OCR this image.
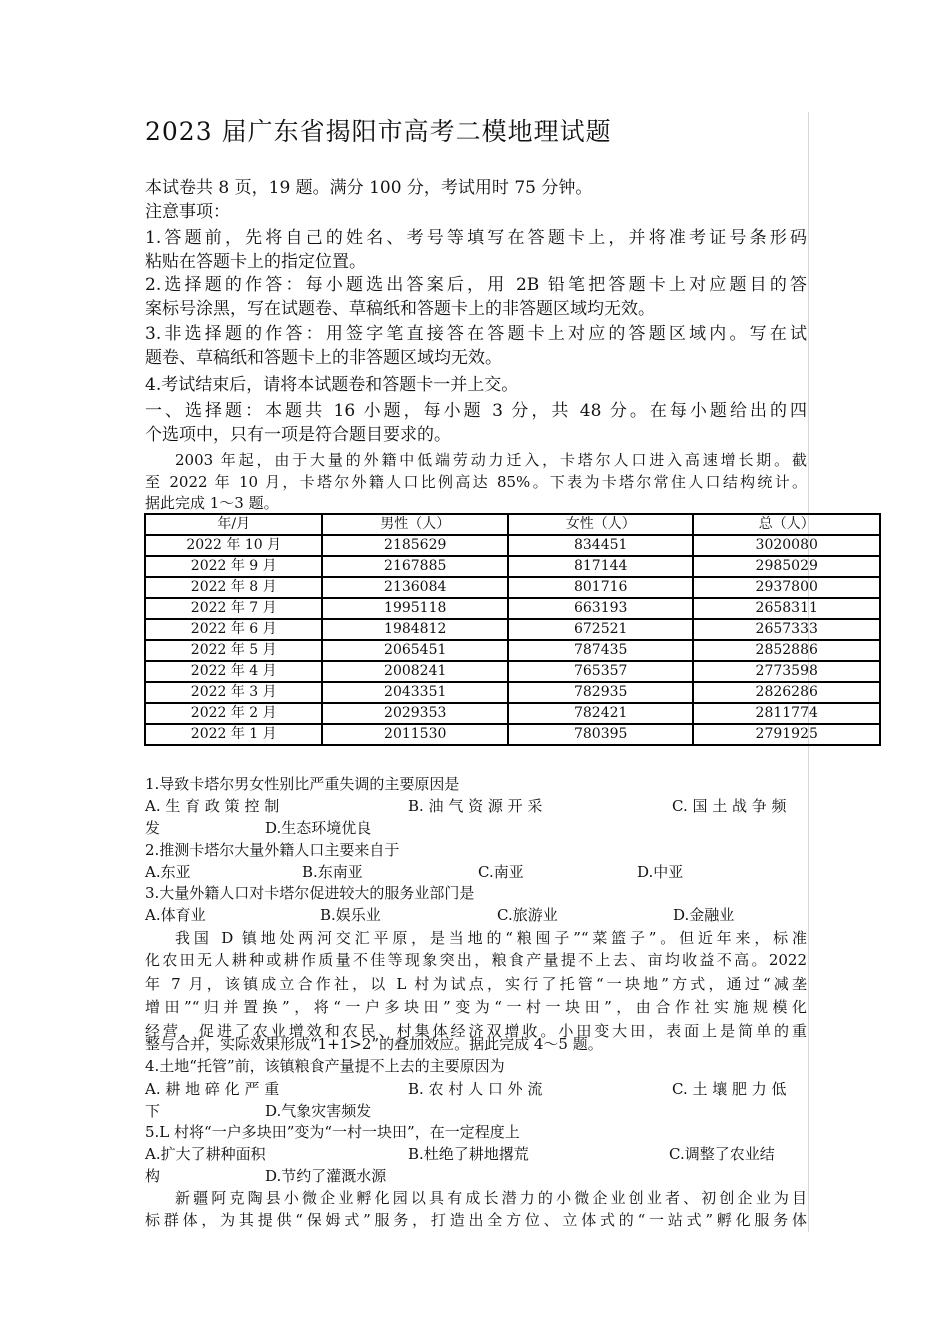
2023 届广东省揭阳市高考二模地理试题
本试卷共 8 页，19 题。满分 100 分，考试用时 75 分钟。
注意事项：
1.答题前，先将自己的姓名、考号等填写在答题卡上，并将准考证号条形码
粘贴在答题卡上的指定位置。
2.选择题的作答：每小题选出答案后，用 2B 铅笔把答题卡上对应题目的答
案标号涂黑，写在试题卷、草稿纸和答题卡上的非答题区域均无效。
3.非选择题的作答：用签字笔直接答在答题卡上对应的答题区域内。写在试
题卷、草稿纸和答题卡上的非答题区域均无效。
4.考试结束后，请将本试题卷和答题卡一并上交。
一、选择题：本题共 16 小题，每小题 3 分，共 48 分。在每小题给出的四
个选项中，只有一项是符合题目要求的。
2003 年起，由于大量的外籍中低端劳动力迁入，卡塔尔人口进入高速增长期。截
至 2022 年 10 月，卡塔尔外籍人口比例高达 85%。下表为卡塔尔常住人口结构统计。
据此完成 1～3 题。
年/月	男性（人）	女性（人）	总（人）
2022 年 10 月	2185629	834451	3020080
2022 年 9 月	2167885	817144	2985029
2022 年 8 月	2136084	801716	2937800
2022 年 7 月	1995118	663193	2658311
2022 年 6 月	1984812	672521	2657333
2022 年 5 月	2065451	787435	2852886
2022 年 4 月	2008241	765357	2773598
2022 年 3 月	2043351	782935	2826286
2022 年 2 月	2029353	782421	2811774
2022 年 1 月	2011530	780395	2791925
1.导致卡塔尔男女性别比严重失调的主要原因是
A. 生 育 政 策 控 制	B. 油 气 资 源 开 采	C. 国 土 战 争 频
发	D.生态环境优良
2.推测卡塔尔大量外籍人口主要来自于
A.东亚	B.东南亚	C.南亚	D.中亚
3.大量外籍人口对卡塔尔促进较大的服务业部门是
A.体育业	B.娱乐业	C.旅游业	D.金融业
我国 D 镇地处两河交汇平原，是当地的“粮囤子”“菜篮子”。但近年来，标准
化农田无人耕种或耕作质量不佳等现象突出，粮食产量提不上去、亩均收益不高。2022
年 7 月，该镇成立合作社，以 L 村为试点，实行了托管“一块地”方式，通过“减垄
增田”“归并置换”，将“一户多块田”变为“一村一块田”，由合作社实施规模化
经营，促进了农业增效和农民、村集体经济双增收。小田变大田，表面上是简单的重
整与合并，实际效果形成“1+1>2”的叠加效应。据此完成 4～5 题。
4.土地“托管”前，该镇粮食产量提不上去的主要原因为
A. 耕 地 碎 化 严 重	B. 农 村 人 口 外 流	C. 土 壤 肥 力 低
下	D.气象灾害频发
5.L 村将“一户多块田”变为“一村一块田”，在一定程度上
A.扩大了耕种面积	B.杜绝了耕地撂荒	C.调整了农业结
构	D.节约了灌溉水源
新疆阿克陶县小微企业孵化园以具有成长潜力的小微企业创业者、初创企业为目
标群体，为其提供“保姆式”服务，打造出全方位、立体式的“一站式”孵化服务体
